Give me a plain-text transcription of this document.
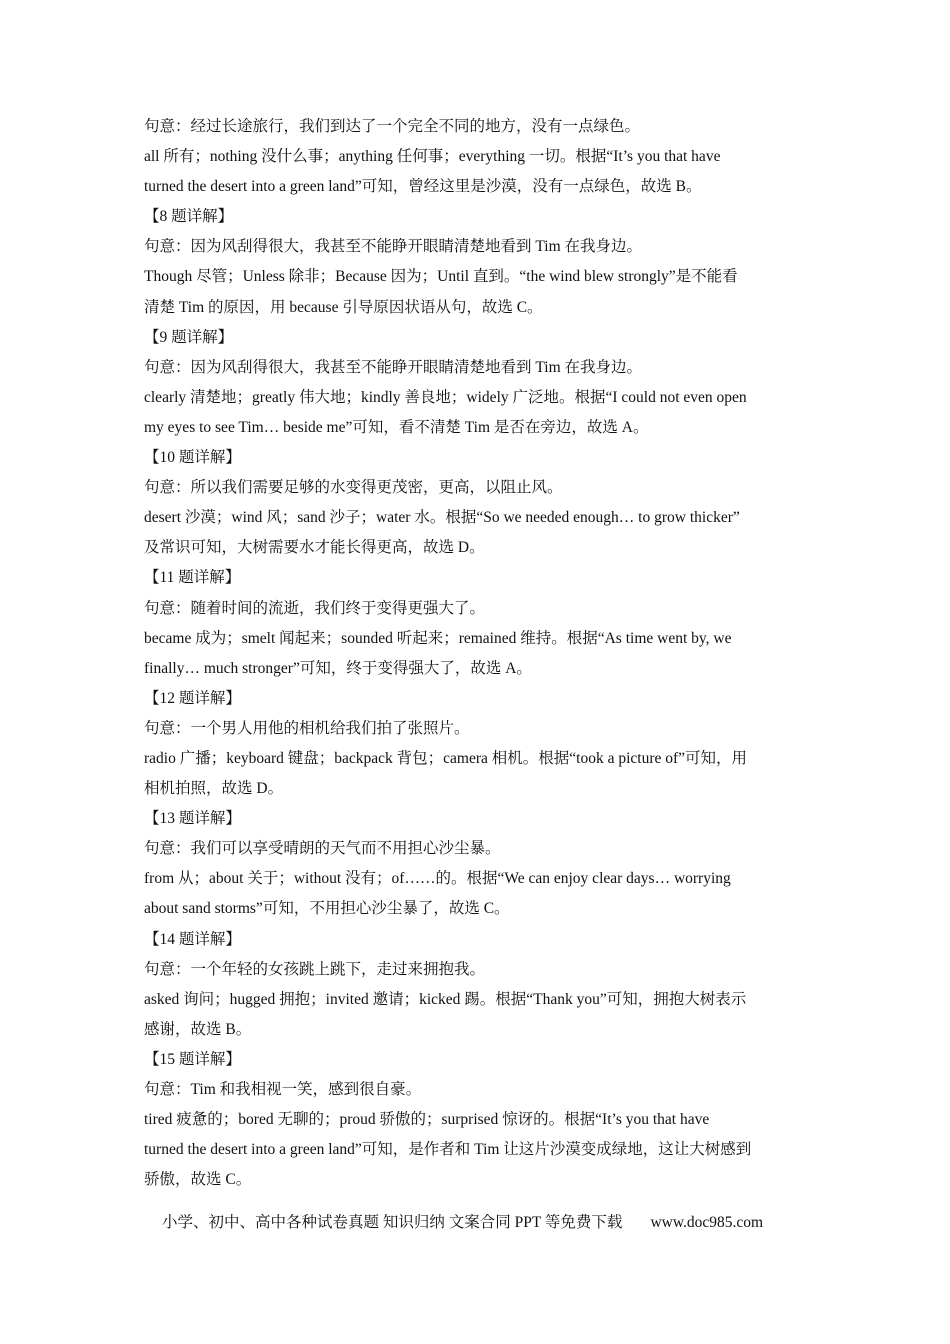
句意：经过长途旅行，我们到达了一个完全不同的地方，没有一点绿色。

all 所有；nothing 没什么事；anything 任何事；everything 一切。根据“It’s you that have

turned the desert into a green land”可知，曾经这里是沙漠，没有一点绿色，故选 B。

【8 题详解】

句意：因为风刮得很大，我甚至不能睁开眼睛清楚地看到 Tim 在我身边。

Though 尽管；Unless 除非；Because 因为；Until 直到。“the wind blew strongly”是不能看

清楚 Tim 的原因，用 because 引导原因状语从句，故选 C。

【9 题详解】

句意：因为风刮得很大，我甚至不能睁开眼睛清楚地看到 Tim 在我身边。

clearly 清楚地；greatly 伟大地；kindly 善良地；widely 广泛地。根据“I could not even open

my eyes to see Tim… beside me”可知，看不清楚 Tim 是否在旁边，故选 A。

【10 题详解】

句意：所以我们需要足够的水变得更茂密，更高，以阻止风。

desert 沙漠；wind 风；sand 沙子；water 水。根据“So we needed enough… to grow thicker”

及常识可知，大树需要水才能长得更高，故选 D。

【11 题详解】

句意：随着时间的流逝，我们终于变得更强大了。

became 成为；smelt 闻起来；sounded 听起来；remained 维持。根据“As time went by, we

finally… much stronger”可知，终于变得强大了，故选 A。

【12 题详解】

句意：一个男人用他的相机给我们拍了张照片。

radio 广播；keyboard 键盘；backpack 背包；camera 相机。根据“took a picture of”可知，用

相机拍照，故选 D。

【13 题详解】

句意：我们可以享受晴朗的天气而不用担心沙尘暴。

from 从；about 关于；without 没有；of……的。根据“We can enjoy clear days… worrying

about sand storms”可知，不用担心沙尘暴了，故选 C。

【14 题详解】

句意：一个年轻的女孩跳上跳下，走过来拥抱我。

asked 询问；hugged 拥抱；invited 邀请；kicked 踢。根据“Thank you”可知，拥抱大树表示

感谢，故选 B。

【15 题详解】

句意：Tim 和我相视一笑，感到很自豪。

tired 疲惫的；bored 无聊的；proud 骄傲的；surprised 惊讶的。根据“It’s you that have

turned the desert into a green land”可知，是作者和 Tim 让这片沙漠变成绿地，这让大树感到

骄傲，故选 C。

小学、初中、高中各种试卷真题 知识归纳 文案合同 PPT 等免费下载 www.doc985.com
